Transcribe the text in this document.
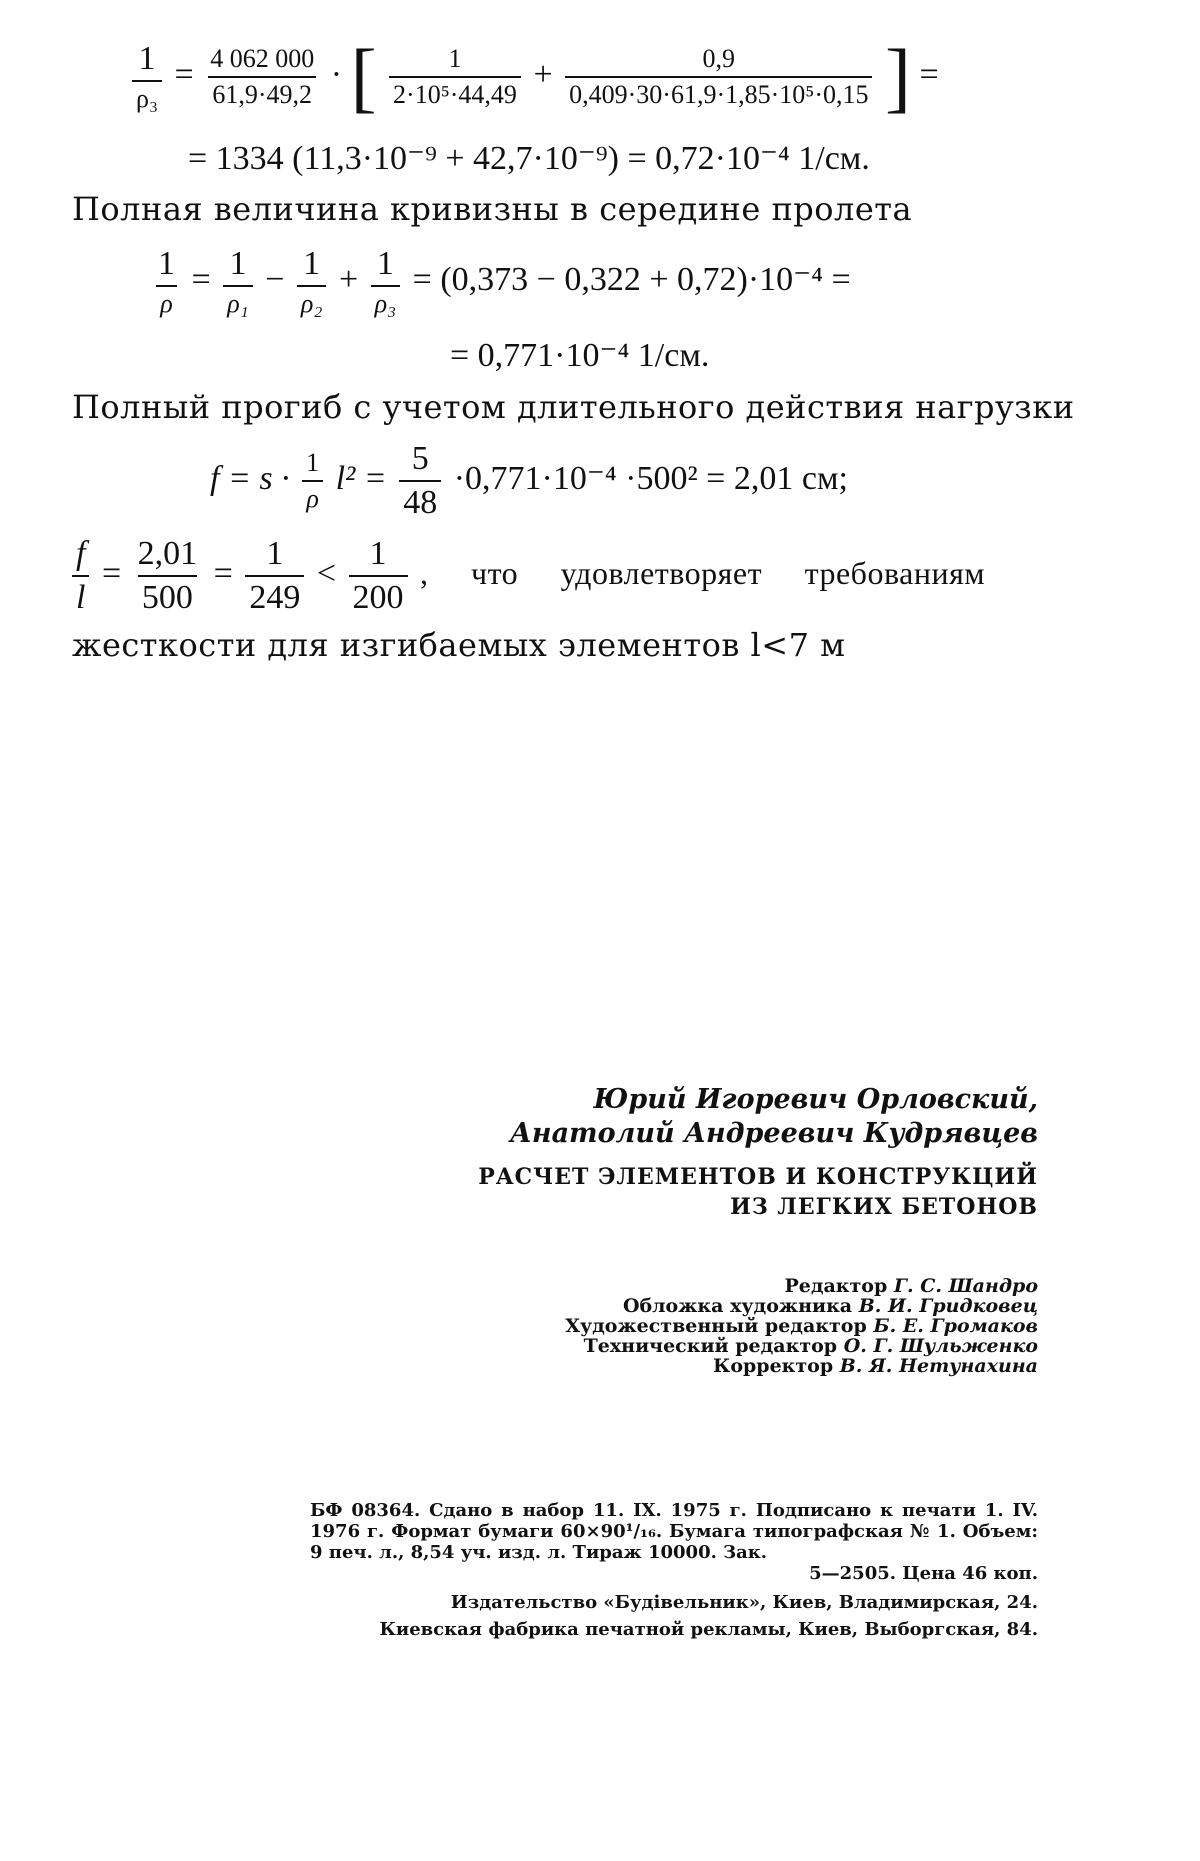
$\frac{1}{\text{ρ₃}} = \frac{4 062 000}{61,9\cdot 49,2}$ · [ $\frac{1}{\text{2·10⁵·44,49}} + \frac{0,9}{\text{0,409·30·61,9·1,85·10⁵·0,15}}$ ] =
= 1334 (11,3·10⁻⁹ + 42,7·10⁻⁹) = 0,72·10⁻⁴ 1/см.
Полная величина кривизны в середине пролета
$\frac{1}{\rho} = \frac{1}{\text{ρ₁}} - \frac{1}{\text{ρ₂}} + \frac{1}{\text{ρ₃}} = (0,373 - 0,322 + 0,72)\cdot 10^{-4}$ =
= 0,771·10⁻⁴ 1/см.
Полный прогиб с учетом длительного действия нагрузки
$f = s \cdot \frac{1}{\rho} l^2 = \frac{5}{48} \cdot 0,771\cdot 10^{-4} \cdot 500^2 = 2,01$ см;
$\frac{f}{l} = \frac{2,01}{500} = \frac{1}{249} < \frac{1}{200}$ , что удовлетворяет требованиям
жесткости для изгибаемых элементов l<7 м
Юрий Игоревич Орловский,
Анатолий Андреевич Кудрявцев
РАСЧЕТ ЭЛЕМЕНТОВ И КОНСТРУКЦИЙ
ИЗ ЛЕГКИХ БЕТОНОВ
Редактор Г. С. Шандро
Обложка художника В. И. Гридковец
Художественный редактор Б. Е. Громаков
Технический редактор О. Г. Шульженко
Корректор В. Я. Нетунахина
БФ 08364. Сдано в набор 11. IX. 1975 г. Подписано к печати 1. IV. 1976 г. Формат бумаги 60×90¹/₁₆. Бумага типографская № 1. Объем: 9 печ. л., 8,54 уч. изд. л. Тираж 10000. Зак.
5—2505. Цена 46 коп.
Издательство «Будівельник», Киев, Владимирская, 24.
Киевская фабрика печатной рекламы, Киев, Выборгская, 84.
